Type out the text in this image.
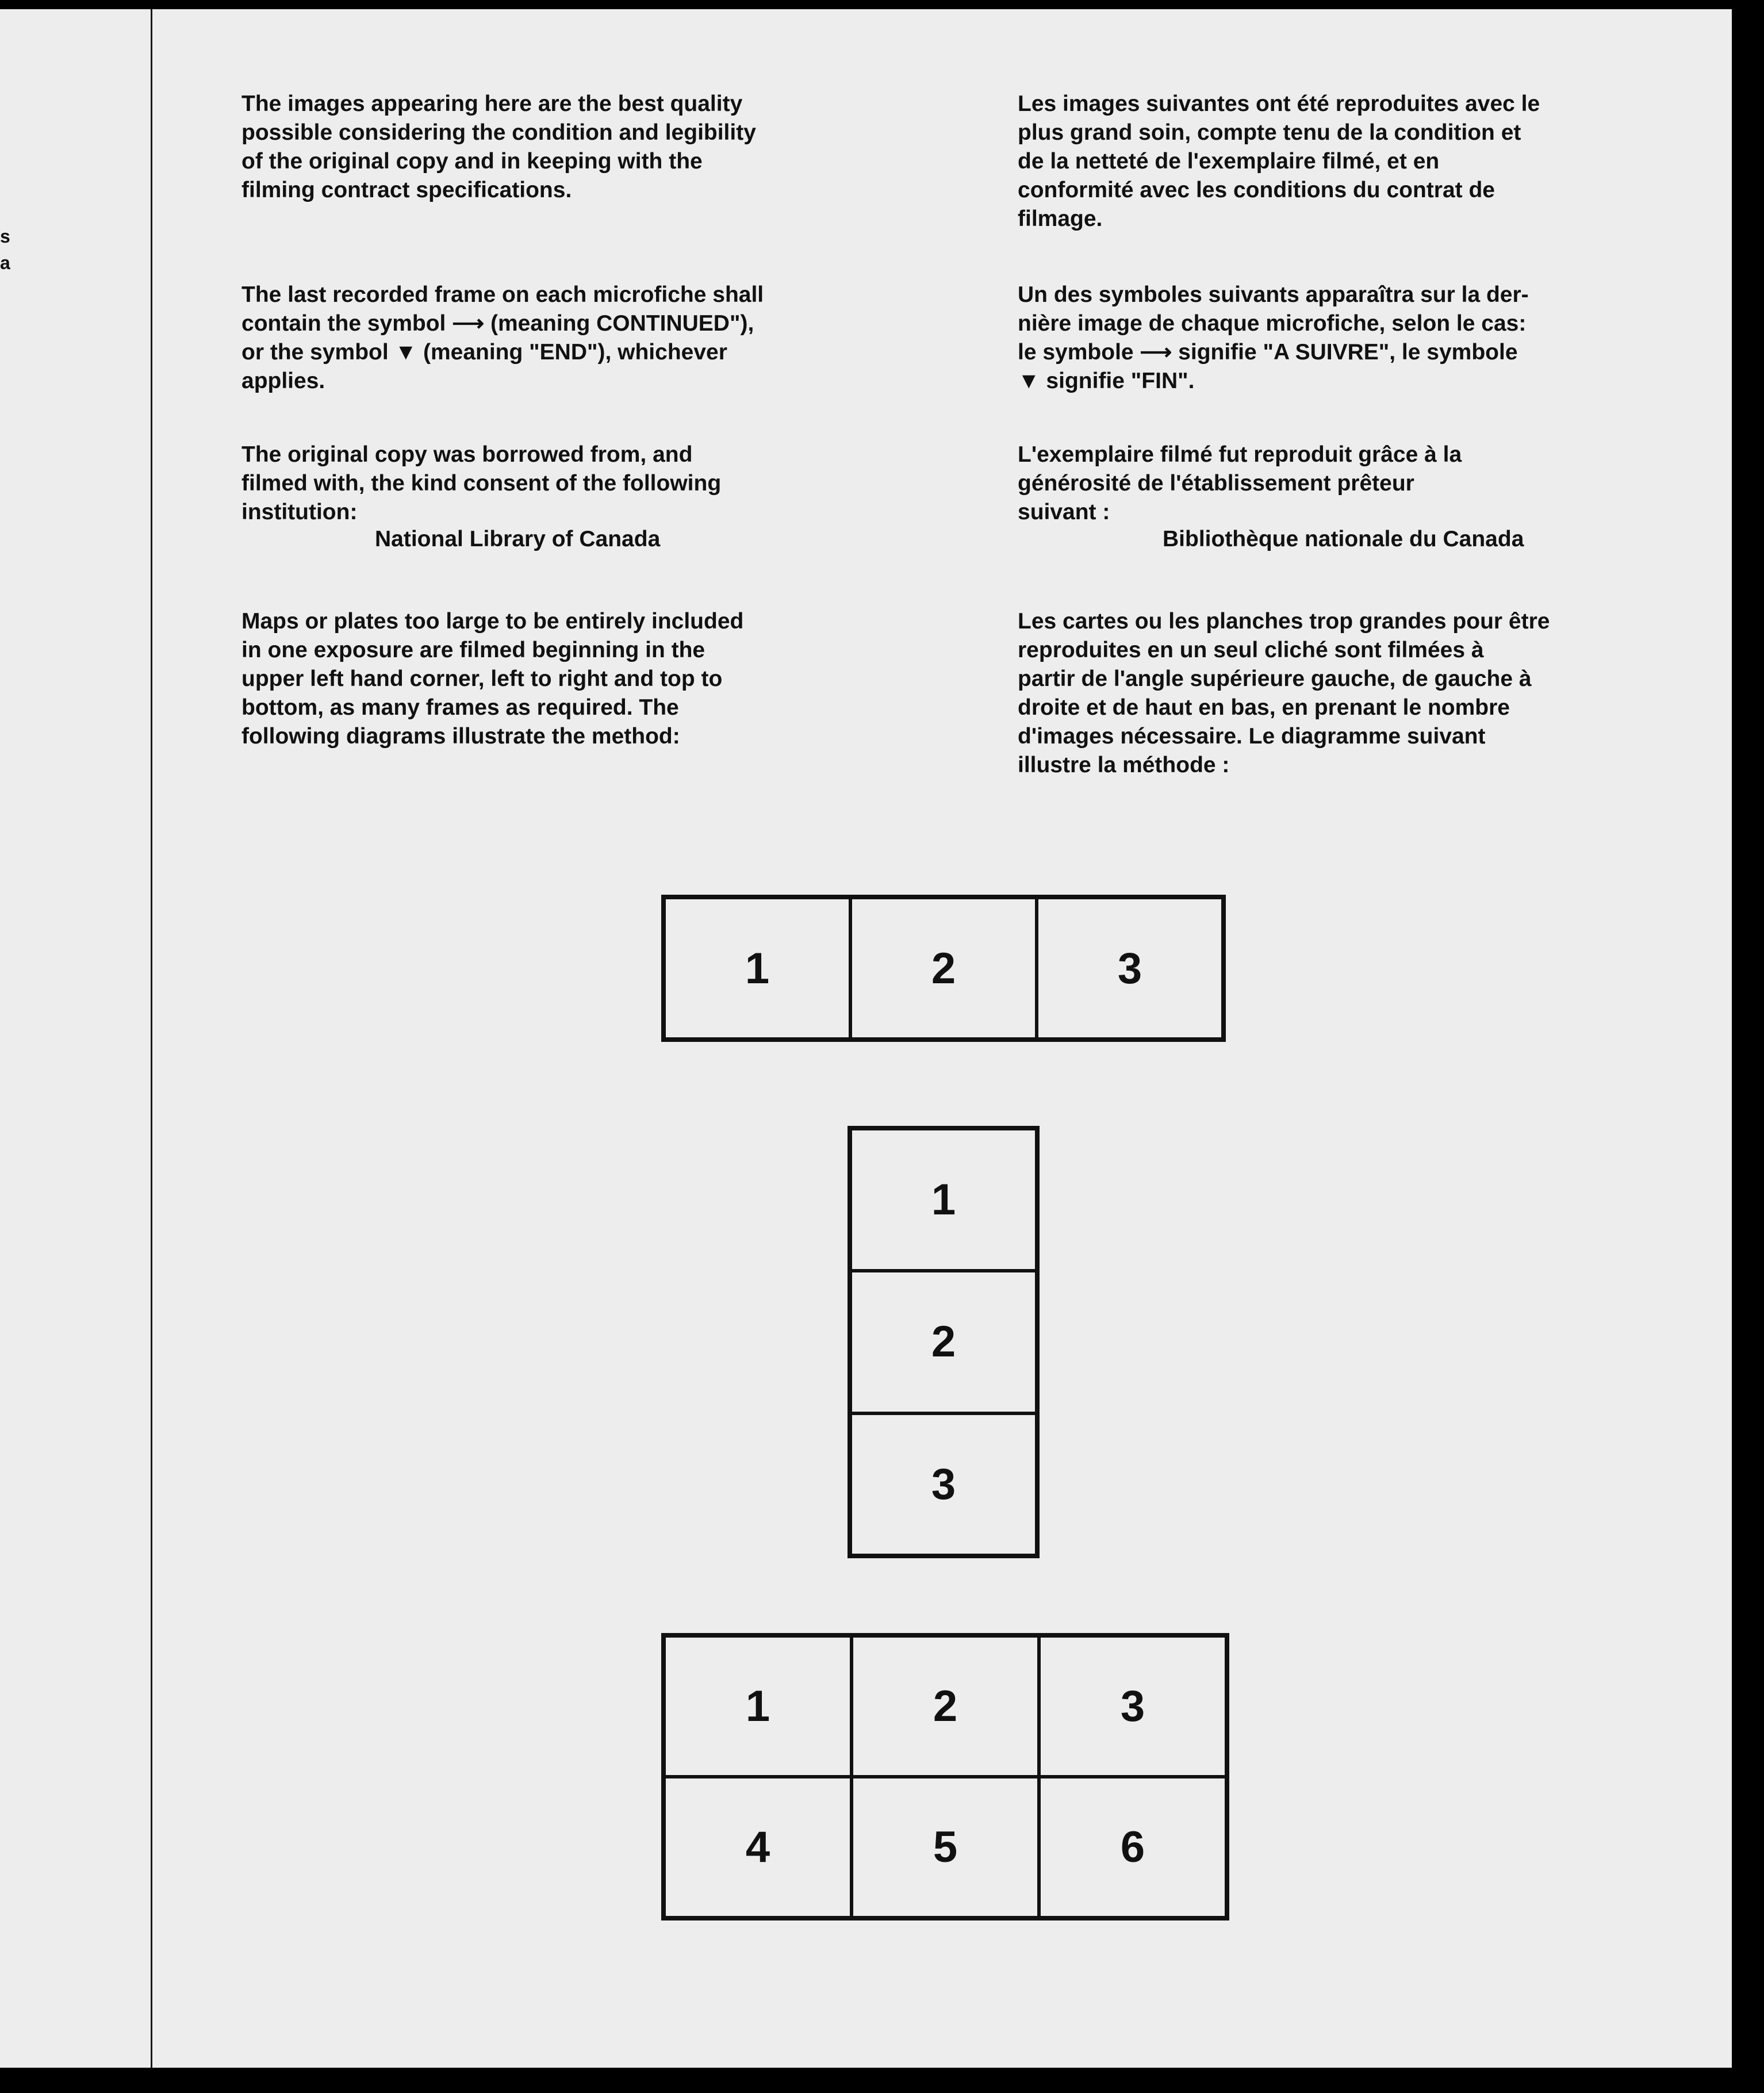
s
a

The images appearing here are the best quality
possible considering the condition and legibility
of the original copy and in keeping with the
filming contract specifications.

The last recorded frame on each microfiche shall
contain the symbol ⟶ (meaning CONTINUED"),
or the symbol ▼ (meaning "END"), whichever
applies.

The original copy was borrowed from, and
filmed with, the kind consent of the following
institution:

National Library of Canada

Maps or plates too large to be entirely included
in one exposure are filmed beginning in the
upper left hand corner, left to right and top to
bottom, as many frames as required. The
following diagrams illustrate the method:

Les images suivantes ont été reproduites avec le
plus grand soin, compte tenu de la condition et
de la netteté de l'exemplaire filmé, et en
conformité avec les conditions du contrat de
filmage.

Un des symboles suivants apparaîtra sur la der-
nière image de chaque microfiche, selon le cas:
le symbole ⟶ signifie "A SUIVRE", le symbole
▼ signifie "FIN".

L'exemplaire filmé fut reproduit grâce à la
générosité de l'établissement prêteur
suivant :

Bibliothèque nationale du Canada

Les cartes ou les planches trop grandes pour être
reproduites en un seul cliché sont filmées à
partir de l'angle supérieure gauche, de gauche à
droite et de haut en bas, en prenant le nombre
d'images nécessaire. Le diagramme suivant
illustre la méthode :

1	2	3
1
2
3
1	2	3
4	5	6
